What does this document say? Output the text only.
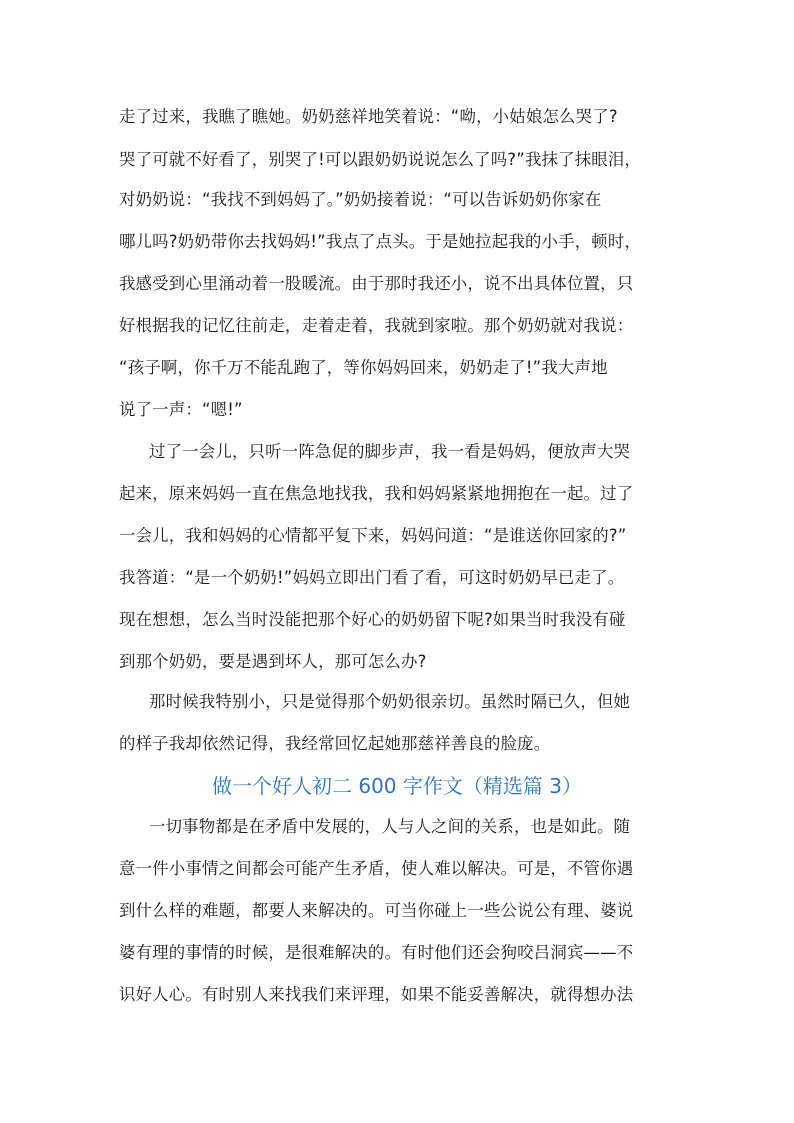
走了过来，我瞧了瞧她。奶奶慈祥地笑着说：“呦，小姑娘怎么哭了?
哭了可就不好看了，别哭了!可以跟奶奶说说怎么了吗?”我抹了抹眼泪，
对奶奶说：“我找不到妈妈了。”奶奶接着说：“可以告诉奶奶你家在
哪儿吗?奶奶带你去找妈妈!”我点了点头。于是她拉起我的小手，顿时，
我感受到心里涌动着一股暖流。由于那时我还小，说不出具体位置，只
好根据我的记忆往前走，走着走着，我就到家啦。那个奶奶就对我说：
“孩子啊，你千万不能乱跑了，等你妈妈回来，奶奶走了!”我大声地
说了一声：“嗯!”
过了一会儿，只听一阵急促的脚步声，我一看是妈妈，便放声大哭
起来，原来妈妈一直在焦急地找我，我和妈妈紧紧地拥抱在一起。过了
一会儿，我和妈妈的心情都平复下来，妈妈问道：“是谁送你回家的?”
我答道：“是一个奶奶!”妈妈立即出门看了看，可这时奶奶早已走了。
现在想想，怎么当时没能把那个好心的奶奶留下呢?如果当时我没有碰
到那个奶奶，要是遇到坏人，那可怎么办?
那时候我特别小，只是觉得那个奶奶很亲切。虽然时隔已久，但她
的样子我却依然记得，我经常回忆起她那慈祥善良的脸庞。
做一个好人初二 600 字作文（精选篇 3）
一切事物都是在矛盾中发展的，人与人之间的关系，也是如此。随
意一件小事情之间都会可能产生矛盾，使人难以解决。可是，不管你遇
到什么样的难题，都要人来解决的。可当你碰上一些公说公有理、婆说
婆有理的事情的时候，是很难解决的。有时他们还会狗咬吕洞宾——不
识好人心。有时别人来找我们来评理，如果不能妥善解决，就得想办法
